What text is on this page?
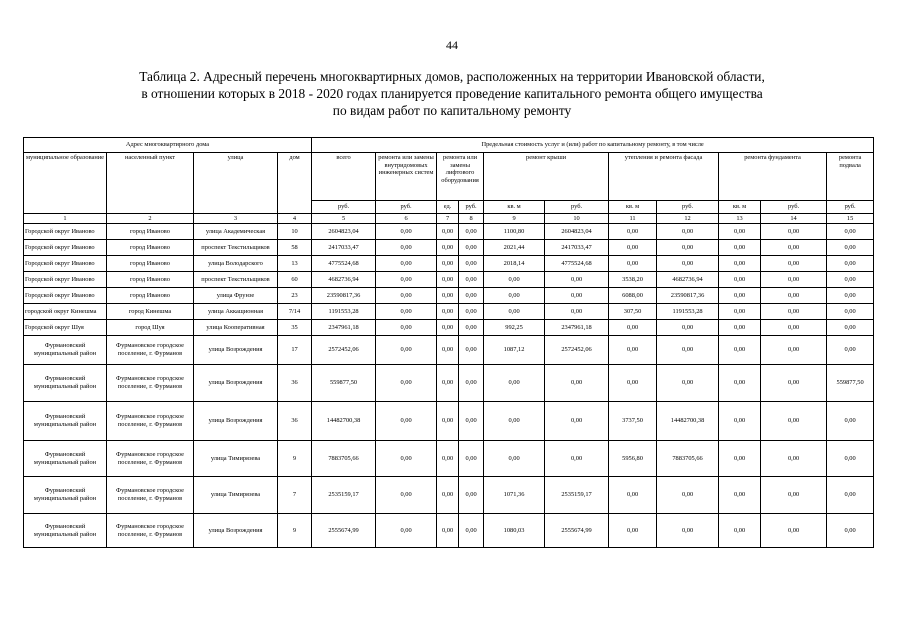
44
Таблица 2. Адресный перечень многоквартирных домов, расположенных на территории Ивановской области,
в отношении которых в 2018 - 2020 годах планируется проведение капитального ремонта общего имущества
по видам работ по капитальному ремонту
Адрес многоквартирного дома				Предельная стоимость услуг и (или) работ по капитальному ремонту, в том числе										
муниципальное образование	населенный пункт	улица	дом	всего	ремонта или замены внутридомовых инженерных систем	ремонта или замены лифтового оборудования		ремонт крыши		утепления и ремонта фасада		ремонта фундамента		ремонта подвала
				руб.	руб.	ед.	руб.	кв. м	руб.	кв. м	руб.	кв. м	руб.	руб.
1	2	3	4	5	6	7	8	9	10	11	12	13	14	15
Городской округ Иваново	город Иваново	улица Академическая	10	2604823,04	0,00	0,00	0,00	1100,80	2604823,04	0,00	0,00	0,00	0,00	0,00
Городской округ Иваново	город Иваново	проспект Текстильщиков	58	2417033,47	0,00	0,00	0,00	2021,44	2417033,47	0,00	0,00	0,00	0,00	0,00
Городской округ Иваново	город Иваново	улица Володарского	13	4775524,68	0,00	0,00	0,00	2018,14	4775524,68	0,00	0,00	0,00	0,00	0,00
Городской округ Иваново	город Иваново	проспект Текстильщиков	60	4682736,94	0,00	0,00	0,00	0,00	0,00	3538,20	4682736,94	0,00	0,00	0,00
Городской округ Иваново	город Иваново	улица Фрунзе	23	23590817,36	0,00	0,00	0,00	0,00	0,00	6088,00	23590817,36	0,00	0,00	0,00
городской округ Кинешма	город Кинешма	улица Аккащионная	7/14	1191553,28	0,00	0,00	0,00	0,00	0,00	307,50	1191553,28	0,00	0,00	0,00
Городской округ Шуя	город Шуя	улица Кооперативная	35	2347961,18	0,00	0,00	0,00	992,25	2347961,18	0,00	0,00	0,00	0,00	0,00
Фурмановский муниципальный район	Фурмановское городское поселение, г. Фурманов	улица Возрождения	17	2572452,06	0,00	0,00	0,00	1087,12	2572452,06	0,00	0,00	0,00	0,00	0,00
Фурмановский муниципальный район	Фурмановское городское поселение, г. Фурманов	улица Возрождения	36	559877,50	0,00	0,00	0,00	0,00	0,00	0,00	0,00	0,00	0,00	559877,50
Фурмановский муниципальный район	Фурмановское городское поселение, г. Фурманов	улица Возрождения	36	14482700,38	0,00	0,00	0,00	0,00	0,00	3737,50	14482700,38	0,00	0,00	0,00
Фурмановский муниципальный район	Фурмановское городское поселение, г. Фурманов	улица Тимирязева	9	7883705,66	0,00	0,00	0,00	0,00	0,00	5956,80	7883705,66	0,00	0,00	0,00
Фурмановский муниципальный район	Фурмановское городское поселение, г. Фурманов	улица Тимирязева	7	2535159,17	0,00	0,00	0,00	1071,36	2535159,17	0,00	0,00	0,00	0,00	0,00
Фурмановский муниципальный район	Фурмановское городское поселение, г. Фурманов	улица Возрождения	9	2555674,99	0,00	0,00	0,00	1080,03	2555674,99	0,00	0,00	0,00	0,00	0,00
